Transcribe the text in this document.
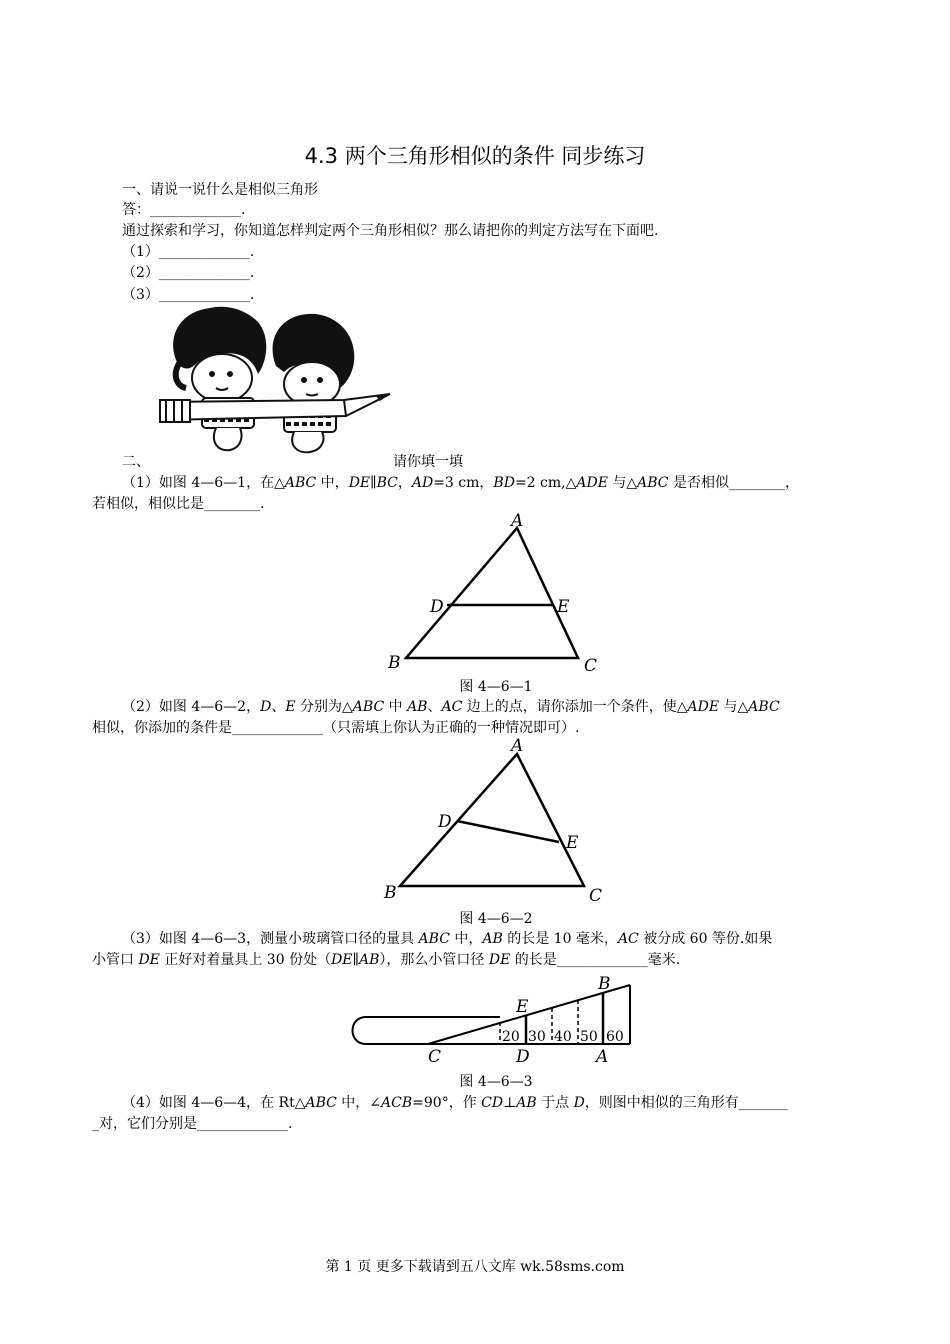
4.3 两个三角形相似的条件 同步练习
一、请说一说什么是相似三角形
答：_____________.
通过探索和学习，你知道怎样判定两个三角形相似？那么请把你的判定方法写在下面吧.
（1）_____________.
（2）_____________.
（3）_____________.
二、	请你填一填
（1）如图 4—6—1，在△ABC 中，DE∥BC，AD=3 cm，BD=2 cm,△ADE 与△ABC 是否相似________，
若相似，相似比是________.
A
D	E
B	C
图 4—6—1
（2）如图 4—6—2，D、E 分别为△ABC 中 AB、AC 边上的点，请你添加一个条件，使△ADE 与△ABC
相似，你添加的条件是_____________（只需填上你认为正确的一种情况即可）.
A
D
E
B	C
图 4—6—2
（3）如图 4—6—3，测量小玻璃管口径的量具 ABC 中，AB 的长是 10 毫米，AC 被分成 60 等份.如果
小管口 DE 正好对着量具上 30 份处（DE∥AB），那么小管口径 DE 的长是_____________毫米.
20 30 40 50 60
B
E
C	D	A
图 4—6—3
（4）如图 4—6—4，在 Rt△ABC 中，∠ACB=90°，作 CD⊥AB 于点 D，则图中相似的三角形有_______
_对，它们分别是_____________.
第 1 页 更多下载请到五八文库 wk.58sms.com
